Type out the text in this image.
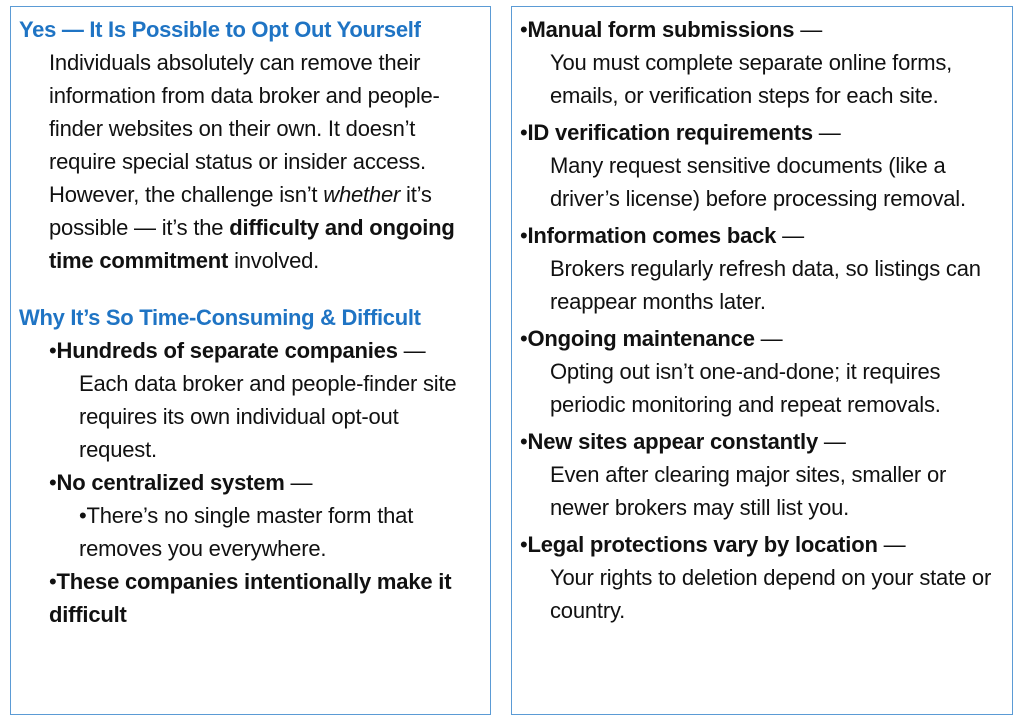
Yes — It Is Possible to Opt Out Yourself
Individuals absolutely can remove their information from data broker and people-finder websites on their own. It doesn’t require special status or insider access.
However, the challenge isn’t whether it’s possible — it’s the difficulty and ongoing time commitment involved.
Why It’s So Time-Consuming & Difficult
•Hundreds of separate companies —
Each data broker and people-finder site requires its own individual opt-out request.
•No centralized system —
•There’s no single master form that removes you everywhere.
•These companies intentionally make it difficult
•Manual form submissions —
You must complete separate online forms, emails, or verification steps for each site.
•ID verification requirements —
Many request sensitive documents (like a driver’s license) before processing removal.
•Information comes back —
Brokers regularly refresh data, so listings can reappear months later.
•Ongoing maintenance —
Opting out isn’t one-and-done; it requires periodic monitoring and repeat removals.
•New sites appear constantly —
Even after clearing major sites, smaller or newer brokers may still list you.
•Legal protections vary by location —
Your rights to deletion depend on your state or country.
